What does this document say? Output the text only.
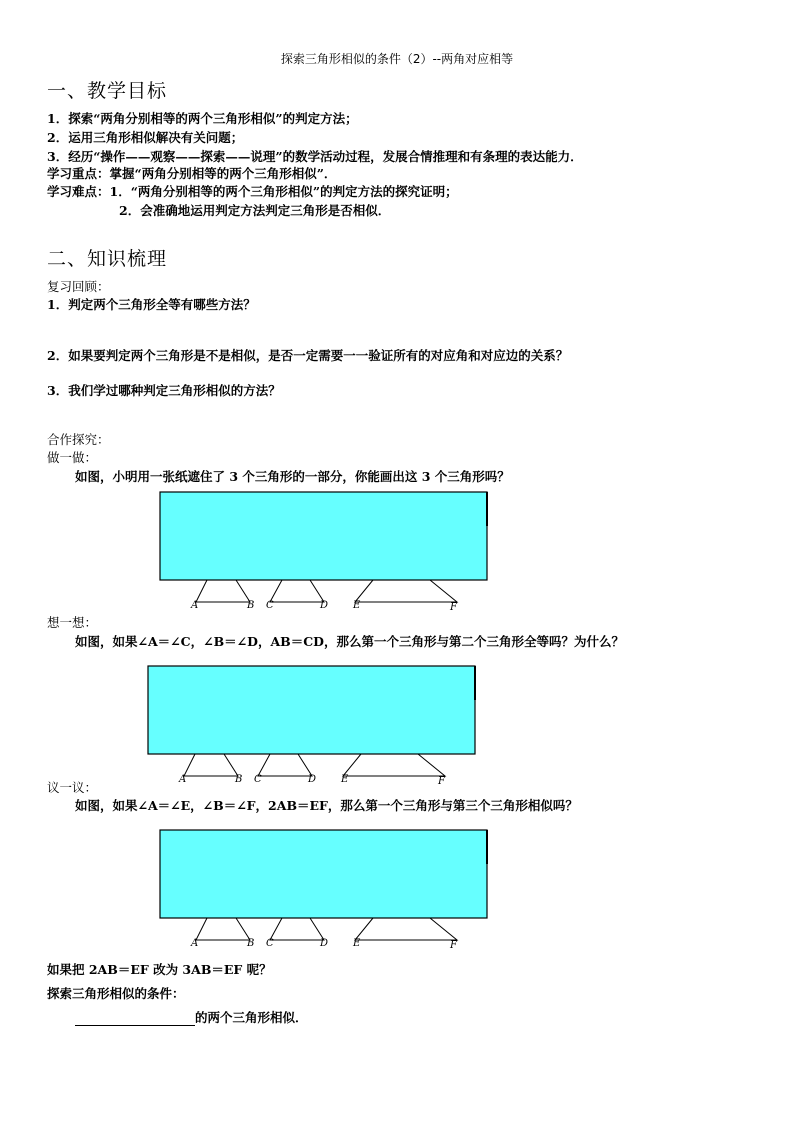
探索三角形相似的条件（2）--两角对应相等
一、教学目标
1．探索“两角分别相等的两个三角形相似”的判定方法；
2．运用三角形相似解决有关问题；
3．经历“操作——观察——探索——说理”的数学活动过程，发展合情推理和有条理的表达能力．
学习重点：掌握“两角分别相等的两个三角形相似”．
学习难点：1．“两角分别相等的两个三角形相似”的判定方法的探究证明；
2．会准确地运用判定方法判定三角形是否相似．
二、知识梳理
复习回顾：
1．判定两个三角形全等有哪些方法？
2．如果要判定两个三角形是不是相似，是否一定需要一一验证所有的对应角和对应边的关系？
3．我们学过哪种判定三角形相似的方法？
合作探究：
做一做：
如图，小明用一张纸遮住了 3 个三角形的一部分，你能画出这 3 个三角形吗？
A	B C	D E	F
想一想：
如图，如果∠A＝∠C，∠B＝∠D，AB＝CD，那么第一个三角形与第二个三角形全等吗？为什么？
A	B C	D E	F
议一议：
如图，如果∠A＝∠E，∠B＝∠F，2AB＝EF，那么第一个三角形与第三个三角形相似吗？
A	B C	D E	F
如果把 2AB＝EF 改为 3AB＝EF 呢？
探索三角形相似的条件：
的两个三角形相似．
